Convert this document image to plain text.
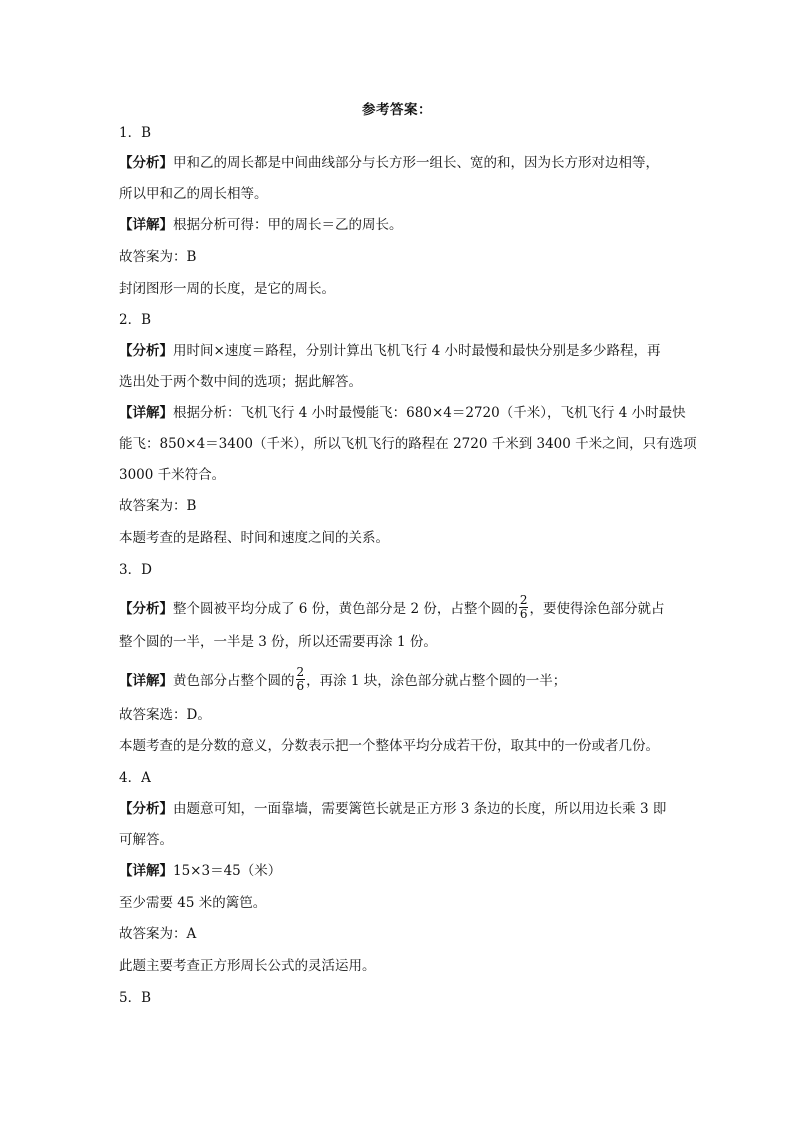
参考答案：
1．B
【分析】甲和乙的周长都是中间曲线部分与长方形一组长、宽的和，因为长方形对边相等，
所以甲和乙的周长相等。
【详解】根据分析可得：甲的周长＝乙的周长。
故答案为：B
封闭图形一周的长度，是它的周长。
2．B
【分析】用时间×速度＝路程，分别计算出飞机飞行 4 小时最慢和最快分别是多少路程，再
选出处于两个数中间的选项；据此解答。
【详解】根据分析：飞机飞行 4 小时最慢能飞：680×4＝2720（千米），飞机飞行 4 小时最快
能飞：850×4＝3400（千米），所以飞机飞行的路程在 2720 千米到 3400 千米之间，只有选项
3000 千米符合。
故答案为：B
本题考查的是路程、时间和速度之间的关系。
3．D
【分析】整个圆被平均分成了 6 份，黄色部分是 2 份，占整个圆的 $\frac{2}{6}$ ，要使得涂色部分就占
整个圆的一半，一半是 3 份，所以还需要再涂 1 份。
【详解】黄色部分占整个圆的 $\frac{2}{6}$ ，再涂 1 块，涂色部分就占整个圆的一半；
故答案选：D。
本题考查的是分数的意义，分数表示把一个整体平均分成若干份，取其中的一份或者几份。
4．A
【分析】由题意可知，一面靠墙，需要篱笆长就是正方形 3 条边的长度，所以用边长乘 3 即
可解答。
【详解】15×3＝45（米）
至少需要 45 米的篱笆。
故答案为：A
此题主要考查正方形周长公式的灵活运用。
5．B
